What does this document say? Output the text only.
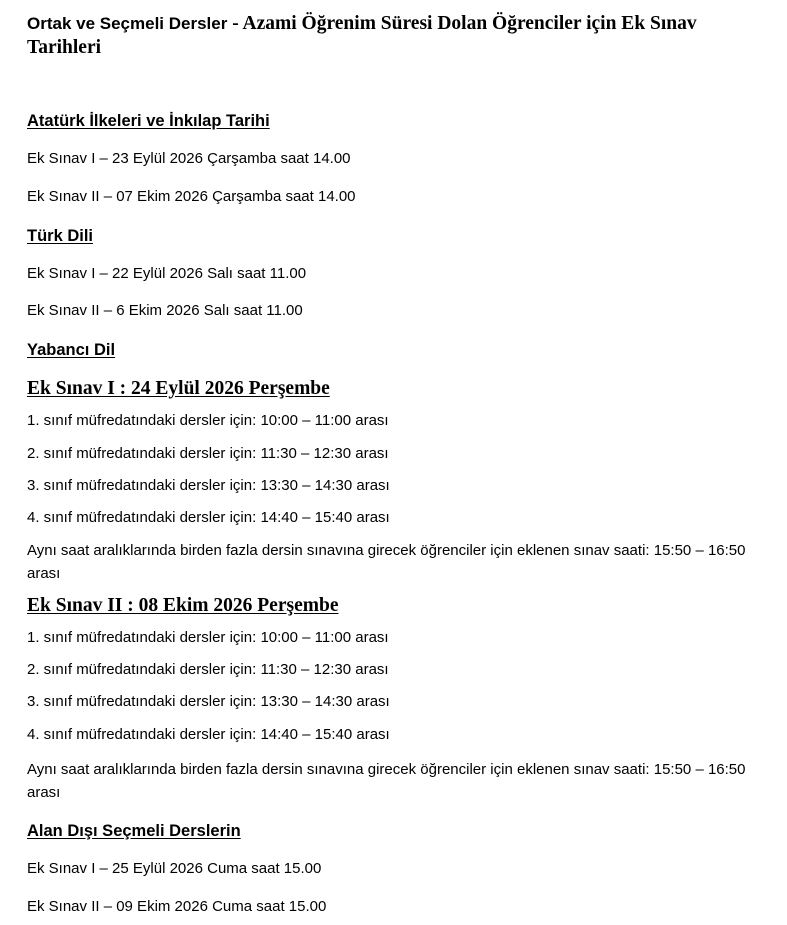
Ortak ve Seçmeli Dersler - Azami Öğrenim Süresi Dolan Öğrenciler için Ek Sınav Tarihleri
Atatürk İlkeleri ve İnkılap Tarihi
Ek Sınav I – 23 Eylül 2026 Çarşamba saat 14.00
Ek Sınav II – 07 Ekim 2026 Çarşamba saat 14.00
Türk Dili
Ek Sınav I – 22 Eylül 2026 Salı saat 11.00
Ek Sınav II – 6 Ekim 2026 Salı saat 11.00
Yabancı Dil
Ek Sınav I : 24 Eylül 2026 Perşembe
1. sınıf müfredatındaki dersler için: 10:00 – 11:00 arası
2. sınıf müfredatındaki dersler için: 11:30 – 12:30 arası
3. sınıf müfredatındaki dersler için: 13:30 – 14:30 arası
4. sınıf müfredatındaki dersler için: 14:40 – 15:40 arası
Aynı saat aralıklarında birden fazla dersin sınavına girecek öğrenciler için eklenen sınav saati: 15:50 – 16:50 arası
Ek Sınav II : 08 Ekim 2026 Perşembe
1. sınıf müfredatındaki dersler için: 10:00 – 11:00 arası
2. sınıf müfredatındaki dersler için: 11:30 – 12:30 arası
3. sınıf müfredatındaki dersler için: 13:30 – 14:30 arası
4. sınıf müfredatındaki dersler için: 14:40 – 15:40 arası
Aynı saat aralıklarında birden fazla dersin sınavına girecek öğrenciler için eklenen sınav saati: 15:50 – 16:50 arası
Alan Dışı Seçmeli Derslerin
Ek Sınav I – 25 Eylül 2026 Cuma saat 15.00
Ek Sınav II – 09 Ekim 2026 Cuma saat 15.00
